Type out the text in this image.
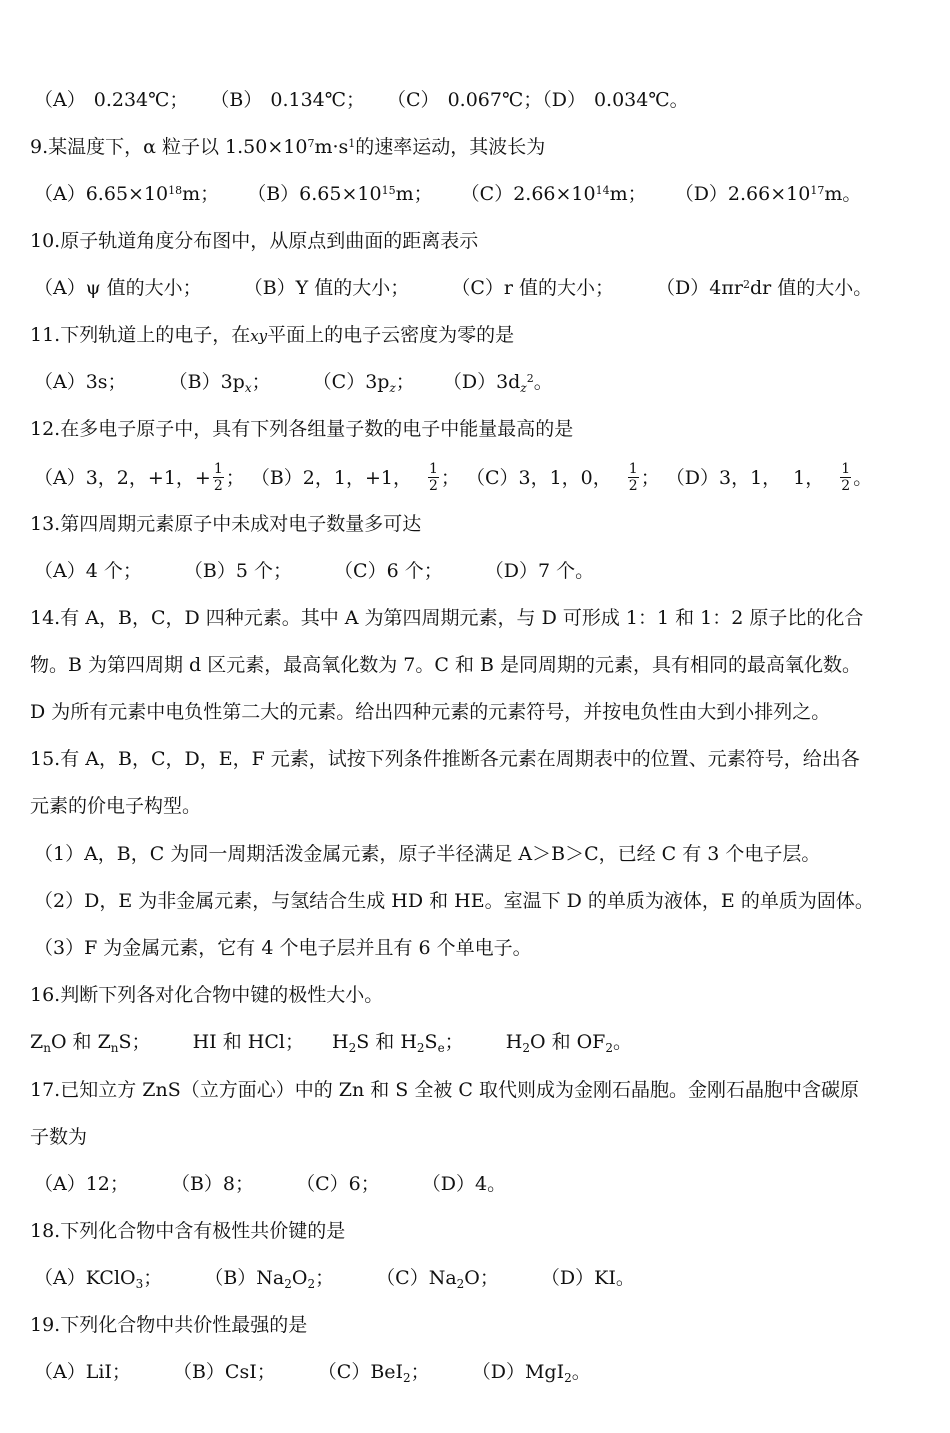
（A） 0.234℃； （B） 0.134℃； （C） 0.067℃；（D） 0.034℃。
9.某温度下，α 粒子以 $1.50\times 10^7m\cdot s^1$的速率运动，其波长为
$(A)6.65\times 10^{18}m$； $(B)6.65\times 10^{15}m$； $(C)2.66\times 10^{14}m$； $(D)2.66\times 10^{17}m$。
10.原子轨道角度分布图中，从原点到曲面的距离表示
（A）ψ 值的大小； （B）Y 值的大小； （C）r 值的大小； $(D)4\pi r^2dr$ 值的大小。
11.下列轨道上的电子，在xy平面上的电子云密度为零的是
（A）3s； $(B)3p_x$； $(C)3p_z$； $(D)3d_z^2$。
12.在多电子原子中，具有下列各组量子数的电子中能量最高的是
（A）3，2，+1，+ $\frac{1}{2}$ ； （B）2，1，+1， $\frac{1}{2}$ ； （C）3，1，0， $\frac{1}{2}$ ； （D）3，1， 1， $\frac{1}{2}$ 。
13.第四周期元素原子中未成对电子数量多可达
（A）4 个； （B）5 个； （C）6 个； （D）7 个。
14.有 A，B，C，D 四种元素。其中 A 为第四周期元素，与 D 可形成 1：1 和 1：2 原子比的化合
物。B 为第四周期 d 区元素，最高氧化数为 7。C 和 B 是同周期的元素，具有相同的最高氧化数。
D 为所有元素中电负性第二大的元素。给出四种元素的元素符号，并按电负性由大到小排列之。
15.有 A，B，C，D，E，F 元素，试按下列条件推断各元素在周期表中的位置、元素符号，给出各
元素的价电子构型。
（1）A，B，C 为同一周期活泼金属元素，原子半径满足 A＞B＞C，已经 C 有 3 个电子层。
（2）D，E 为非金属元素，与氢结合生成 HD 和 HE。室温下 D 的单质为液体，E 的单质为固体。
（3）F 为金属元素，它有 4 个电子层并且有 6 个单电子。
16.判断下列各对化合物中键的极性大小。
$Z_nO$ 和 $Z_nS$； HI 和 HCl； $H_2S$ 和 $H_2S_e$； $H_2O$ 和 $OF_2$。
17.已知立方 ZnS（立方面心）中的 Zn 和 S 全被 C 取代则成为金刚石晶胞。金刚石晶胞中含碳原
子数为
（A）12； （B）8； （C）6； （D）4。
18.下列化合物中含有极性共价键的是
（A）KClO$_3$； $(B)Na_2O_2$； $(C)Na_2O$； （D）KI。
19.下列化合物中共价性最强的是
（A）LiI； （B）CsI； （C）BeI$_2$； （D）MgI$_2$。
